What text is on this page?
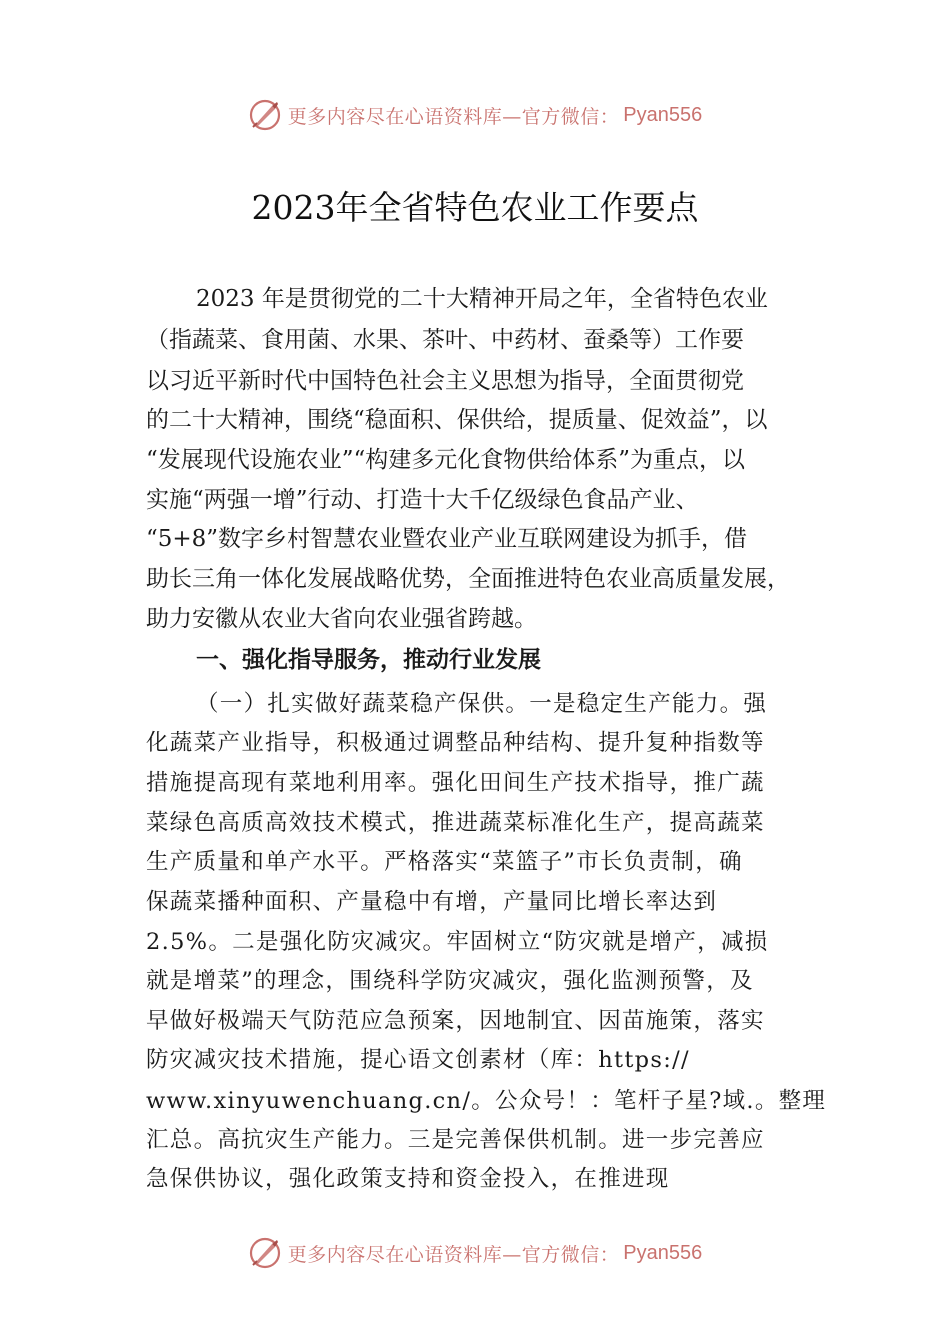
更多内容尽在心语资料库—官方微信： Pyan556
2023年全省特色农业工作要点

2023 年是贯彻党的二十大精神开局之年，全省特色农业

（指蔬菜、食用菌、水果、茶叶、中药材、蚕桑等）工作要

以习近平新时代中国特色社会主义思想为指导，全面贯彻党

的二十大精神，围绕“稳面积、保供给，提质量、促效益”，以

“发展现代设施农业”“构建多元化食物供给体系”为重点，以

实施“两强一增”行动、打造十大千亿级绿色食品产业、

“5+8”数字乡村智慧农业暨农业产业互联网建设为抓手，借

助长三角一体化发展战略优势，全面推进特色农业高质量发展，

助力安徽从农业大省向农业强省跨越。

一、强化指导服务，推动行业发展

（一）扎实做好蔬菜稳产保供。一是稳定生产能力。强

化蔬菜产业指导，积极通过调整品种结构、提升复种指数等

措施提高现有菜地利用率。强化田间生产技术指导，推广蔬

菜绿色高质高效技术模式，推进蔬菜标准化生产，提高蔬菜

生产质量和单产水平。严格落实“菜篮子”市长负责制，确

保蔬菜播种面积、产量稳中有增，产量同比增长率达到

2.5%。二是强化防灾减灾。牢固树立“防灾就是增产，减损

就是增菜”的理念，围绕科学防灾减灾，强化监测预警，及

早做好极端天气防范应急预案，因地制宜、因苗施策，落实

防灾减灾技术措施，提心语文创素材（库：https://

www.xinyuwenchuang.cn/。公众号！：笔杆子星?域.。整理

汇总。高抗灾生产能力。三是完善保供机制。进一步完善应

急保供协议，强化政策支持和资金投入，在推进现

更多内容尽在心语资料库—官方微信： Pyan556
